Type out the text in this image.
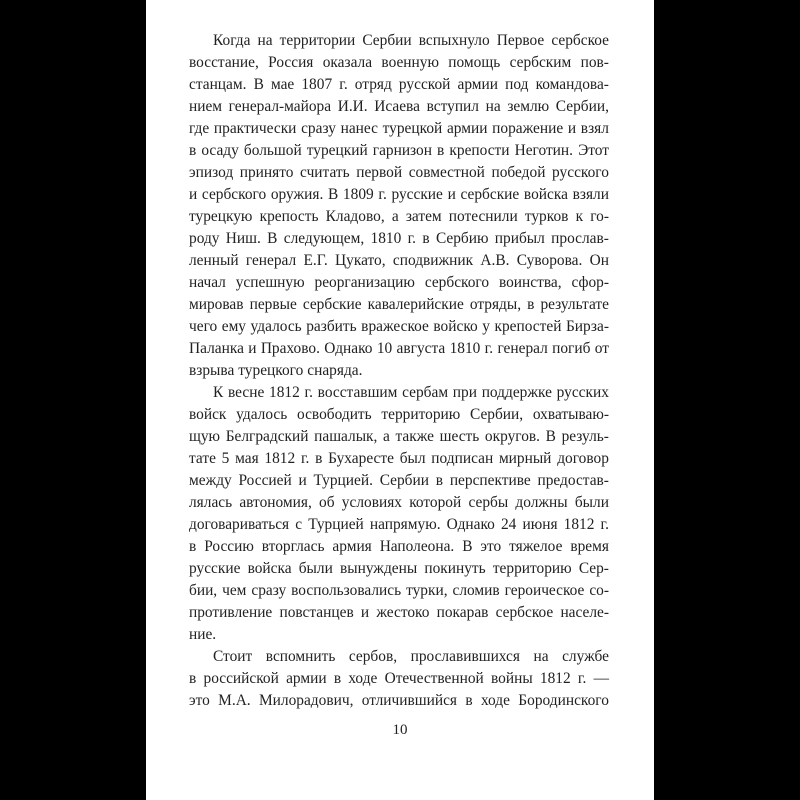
Когда на территории Сербии вспыхнуло Первое сербское
восстание, Россия оказала военную помощь сербским пов-
станцам. В мае 1807 г. отряд русской армии под командова-
нием генерал-майора И.И. Исаева вступил на землю Сербии,
где практически сразу нанес турецкой армии поражение и взял
в осаду большой турецкий гарнизон в крепости Неготин. Этот
эпизод принято считать первой совместной победой русского
и сербского оружия. В 1809 г. русские и сербские войска взяли
турецкую крепость Кладово, а затем потеснили турков к го-
роду Ниш. В следующем, 1810 г. в Сербию прибыл прослав-
ленный генерал Е.Г. Цукато, сподвижник А.В. Суворова. Он
начал успешную реорганизацию сербского воинства, сфор-
мировав первые сербские кавалерийские отряды, в результате
чего ему удалось разбить вражеское войско у крепостей Бирза-
Паланка и Прахово. Однако 10 августа 1810 г. генерал погиб от
взрыва турецкого снаряда.
К весне 1812 г. восставшим сербам при поддержке русских
войск удалось освободить территорию Сербии, охватываю-
щую Белградский пашалык, а также шесть округов. В резуль-
тате 5 мая 1812 г. в Бухаресте был подписан мирный договор
между Россией и Турцией. Сербии в перспективе предостав-
лялась автономия, об условиях которой сербы должны были
договариваться с Турцией напрямую. Однако 24 июня 1812 г.
в Россию вторглась армия Наполеона. В это тяжелое время
русские войска были вынуждены покинуть территорию Сер-
бии, чем сразу воспользовались турки, сломив героическое со-
противление повстанцев и жестоко покарав сербское населе-
ние.
Стоит вспомнить сербов, прославившихся на службе
в российской армии в ходе Отечественной войны 1812 г. —
это М.А. Милорадович, отличившийся в ходе Бородинского
10
